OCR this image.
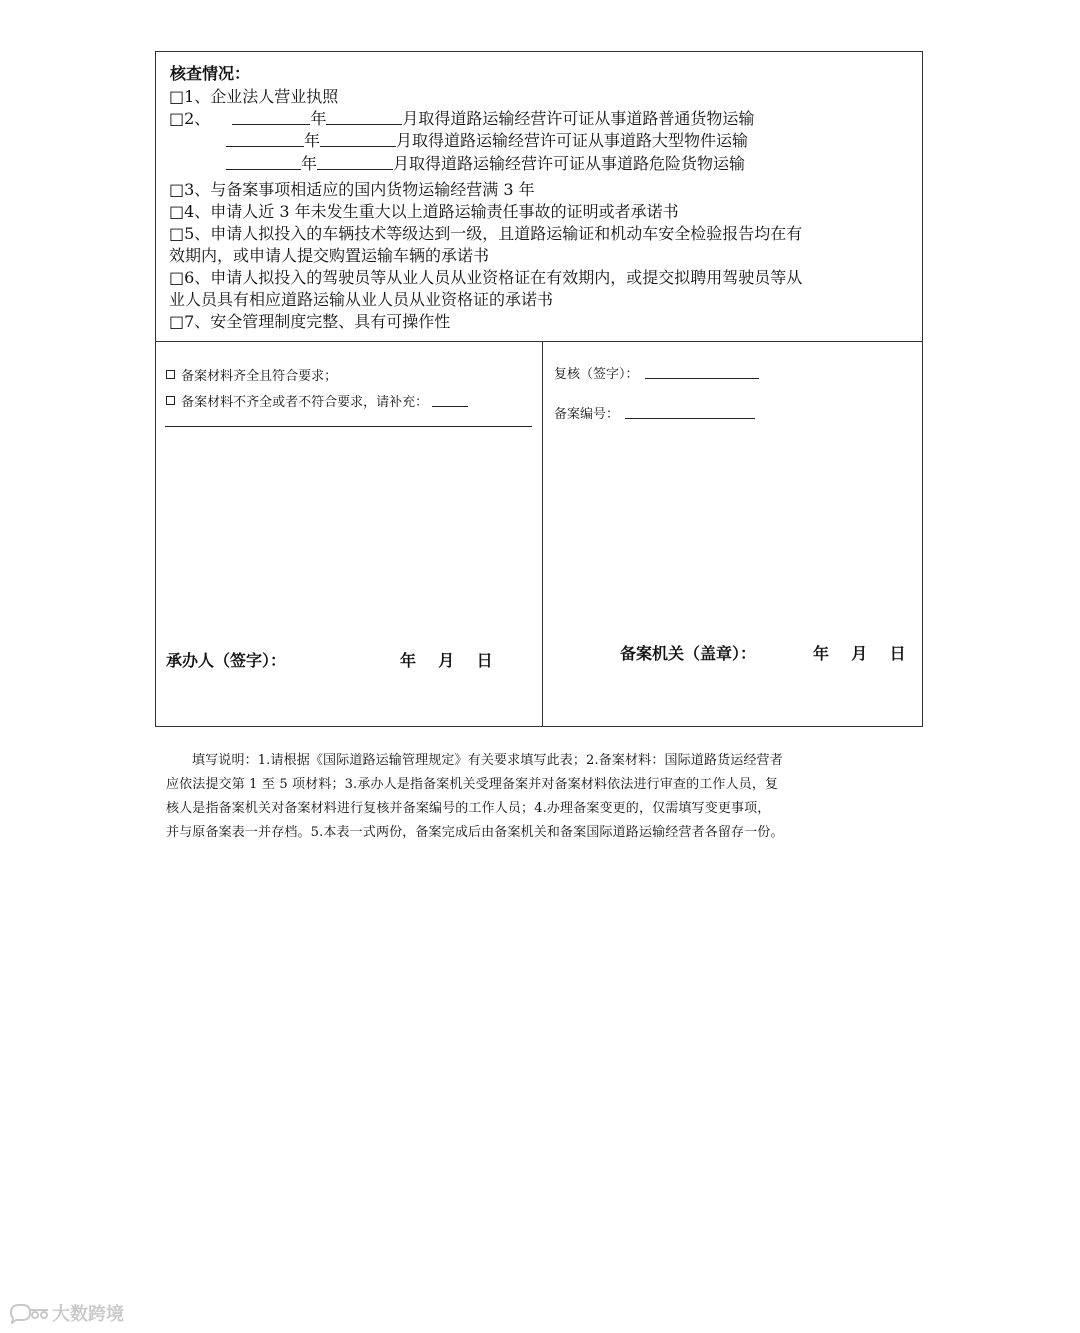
核查情况：
□1、企业法人营业执照
□2、	年	月取得道路运输经营许可证从事道路普通货物运输
年	月取得道路运输经营许可证从事道路大型物件运输
年	月取得道路运输经营许可证从事道路危险货物运输
□3、与备案事项相适应的国内货物运输经营满 3 年
□4、申请人近 3 年未发生重大以上道路运输责任事故的证明或者承诺书
□5、申请人拟投入的车辆技术等级达到一级，且道路运输证和机动车安全检验报告均在有
效期内，或申请人提交购置运输车辆的承诺书
□6、申请人拟投入的驾驶员等从业人员从业资格证在有效期内，或提交拟聘用驾驶员等从
业人员具有相应道路运输从业人员从业资格证的承诺书
□7、安全管理制度完整、具有可操作性
备案材料齐全且符合要求；
备案材料不齐全或者不符合要求，请补充：
承办人（签字）：	年    月    日
复核（签字）：
备案编号：
备案机关（盖章）：	年    月    日

填写说明：1.请根据《国际道路运输管理规定》有关要求填写此表；2.备案材料：国际道路货运经营者

应依法提交第 1 至 5 项材料；3.承办人是指备案机关受理备案并对备案材料依法进行审查的工作人员，复

核人是指备案机关对备案材料进行复核并备案编号的工作人员；4.办理备案变更的，仅需填写变更事项，

并与原备案表一并存档。5.本表一式两份，备案完成后由备案机关和备案国际道路运输经营者各留存一份。

大数跨境
